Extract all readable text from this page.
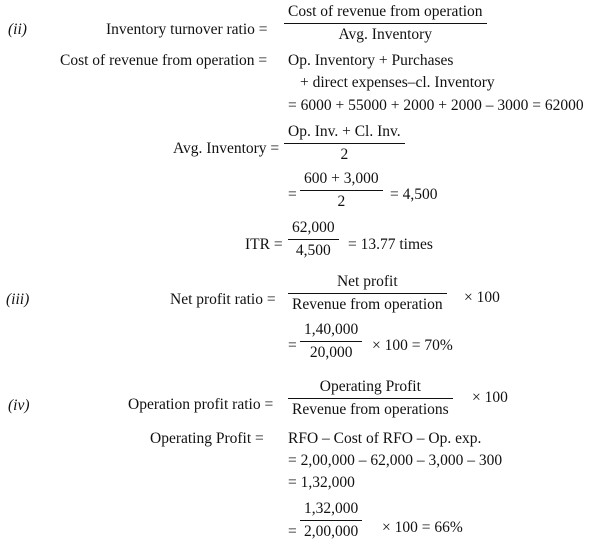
(ii)	Inventory turnover ratio =
Cost of revenue from operation
Avg. Inventory
Cost of revenue from operation = Op. Inventory + Purchases
+ direct expenses–cl. Inventory
= 6000 + 55000 + 2000 + 2000 – 3000 = 62000
Avg. Inventory =
Op. Inv. + Cl. Inv.
2
=
600 + 3,000
2	= 4,500
ITR =
62,000
4,500	= 13.77 times
(iii)	Net profit ratio =
Net profit
Revenue from operation × 100
=
1,40,000
20,000	× 100 = 70%
(iv)	Operation profit ratio =
Operating Profit
Revenue from operations
× 100
Operating Profit = RFO – Cost of RFO – Op. exp.
= 2,00,000 – 62,000 – 3,000 – 300
= 1,32,000
=
1,32,000
2,00,000 × 100 = 66%
